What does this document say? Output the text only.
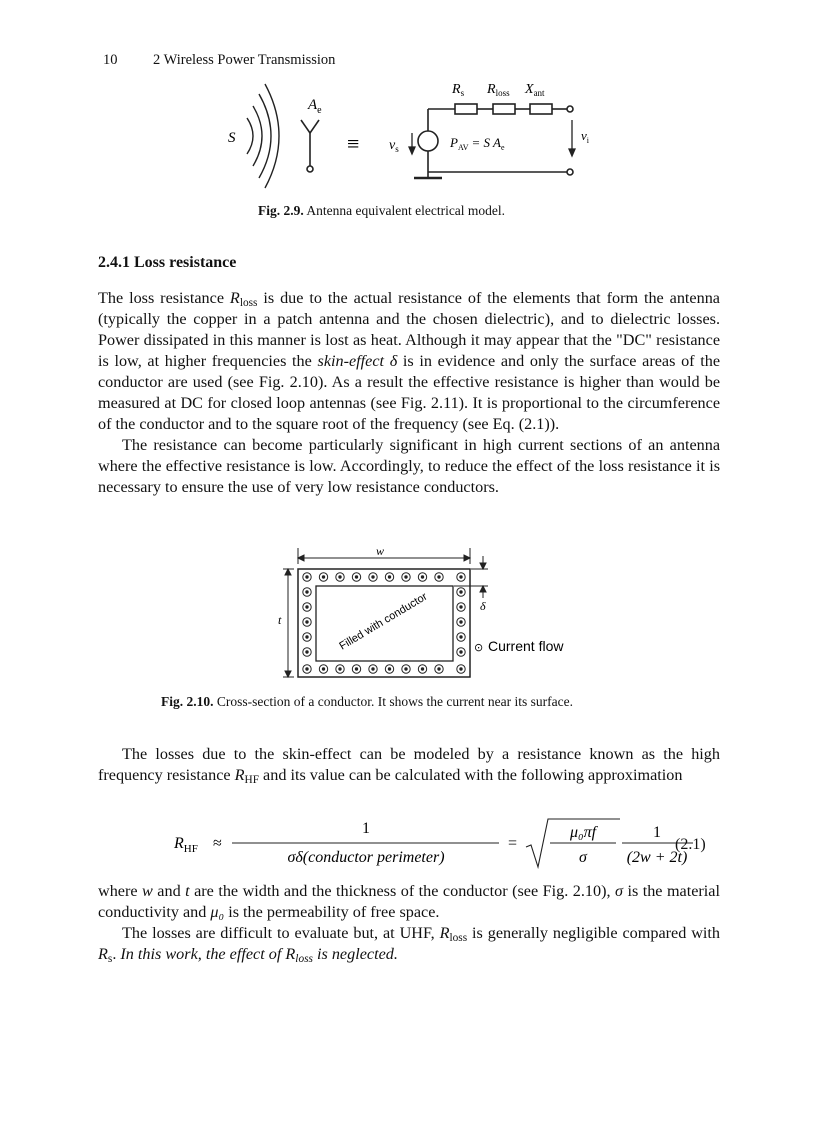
10 2 Wireless Power Transmission
S
$A_e$
≡ $v_s$
$R_s$ $R_{loss}$ $X_{ant}$
$P_{AV} = S$ $A_e$
$v_i$
Fig. 2.9. Antenna equivalent electrical model.
2.4.1 Loss resistance

The loss resistance $R_{loss}$ is due to the actual resistance of the elements that form the antenna (typically the copper in a patch antenna and the chosen dielectric), and to dielectric losses. Power dissipated in this manner is lost as heat. Although it may appear that the "DC" resistance is low, at higher frequencies the skin-effect δ is in evidence and only the surface areas of the conductor are used (see Fig. 2.10). As a result the effective resistance is higher than would be measured at DC for closed loop antennas (see Fig. 2.11). It is proportional to the circumference of the conductor and to the square root of the frequency (see Eq. (2.1)).

The resistance can become particularly significant in high current sections of an antenna where the effective resistance is low. Accordingly, to reduce the effect of the loss resistance it is necessary to ensure the use of very low resistance conductors.

w
t
δ
Filled with conductor	⊙ Current flow
Fig. 2.10. Cross-section of a conductor. It shows the current near its surface.

The losses due to the skin-effect can be modeled by a resistance known as the high frequency resistance $R_{HF}$ and its value can be calculated with the following approximation

$R_{HF}$ ≈
1
σδ(conductor perimeter)
=
μ₀πf
σ
1
(2w + 2t)
(2.1)

where w and t are the width and the thickness of the conductor (see Fig. 2.10), σ is the material conductivity and μ₀ is the permeability of free space.

The losses are difficult to evaluate but, at UHF, $R_{loss}$ is generally negligible compared with $R_s$. In this work, the effect of $R_{loss}$ is neglected.
